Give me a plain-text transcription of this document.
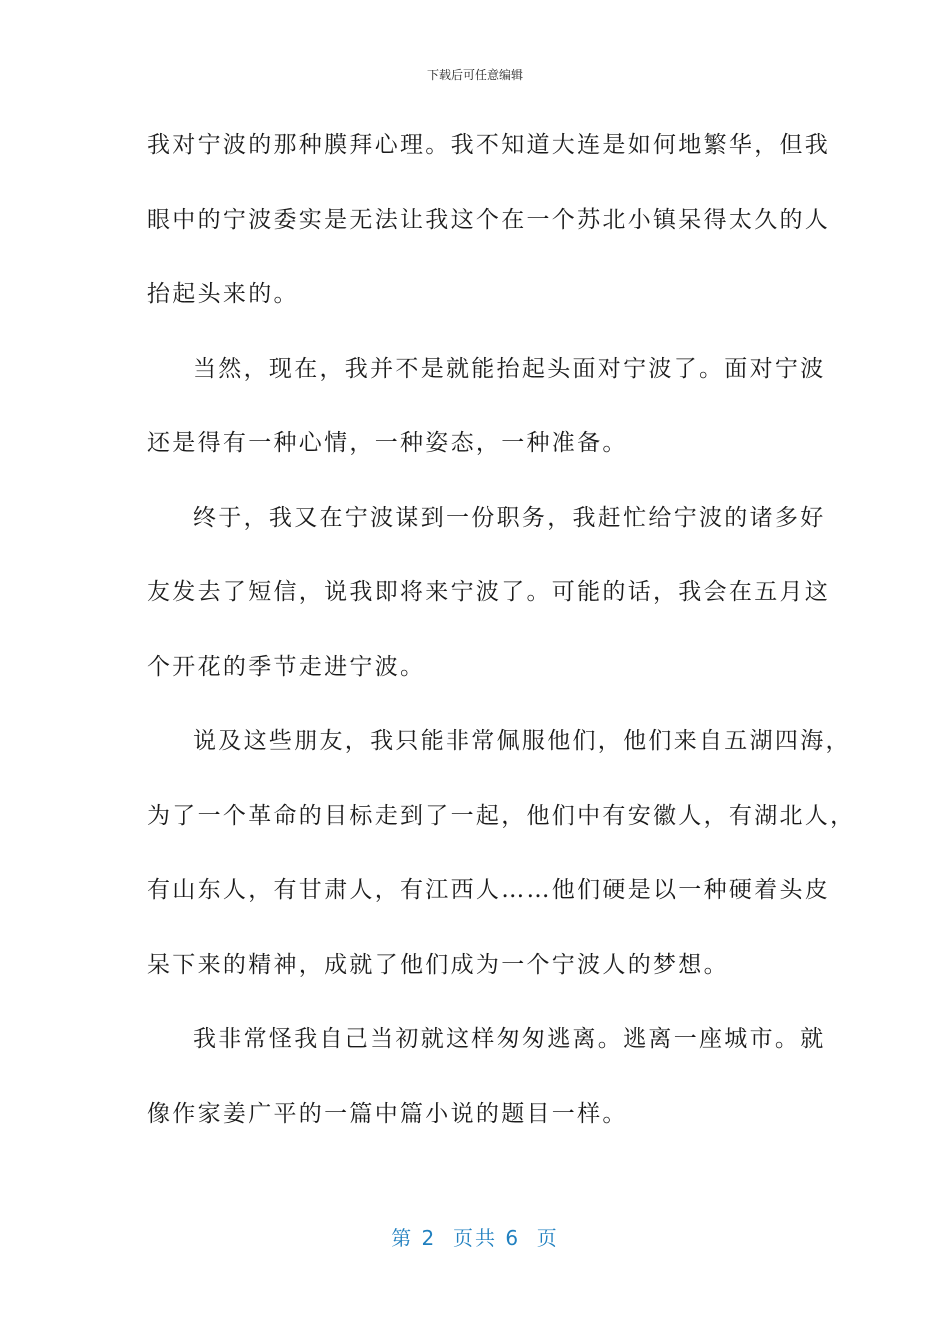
下载后可任意编辑

我对宁波的那种膜拜心理。我不知道大连是如何地繁华，但我
眼中的宁波委实是无法让我这个在一个苏北小镇呆得太久的人
抬起头来的。

当然，现在，我并不是就能抬起头面对宁波了。面对宁波
还是得有一种心情，一种姿态，一种准备。

终于，我又在宁波谋到一份职务，我赶忙给宁波的诸多好
友发去了短信，说我即将来宁波了。可能的话，我会在五月这
个开花的季节走进宁波。

说及这些朋友，我只能非常佩服他们，他们来自五湖四海，
为了一个革命的目标走到了一起，他们中有安徽人，有湖北人，
有山东人，有甘肃人，有江西人……他们硬是以一种硬着头皮
呆下来的精神，成就了他们成为一个宁波人的梦想。

我非常怪我自己当初就这样匆匆逃离。逃离一座城市。就
像作家姜广平的一篇中篇小说的题目一样。

第 2  页共 6  页
